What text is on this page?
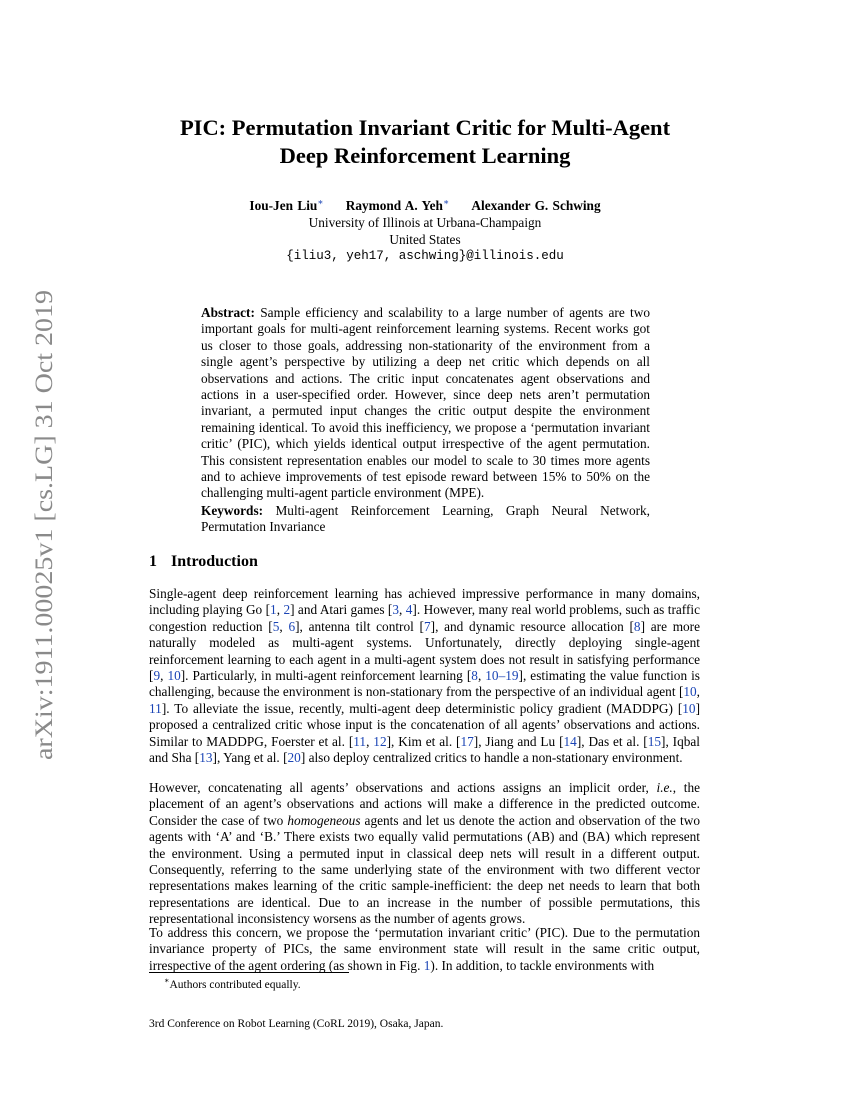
arXiv:1911.00025v1 [cs.LG] 31 Oct 2019
PIC: Permutation Invariant Critic for Multi-Agent
Deep Reinforcement Learning
Iou-Jen Liu∗ Raymond A. Yeh∗ Alexander G. Schwing
University of Illinois at Urbana-Champaign
United States
{iliu3, yeh17, aschwing}@illinois.edu
Abstract: Sample efficiency and scalability to a large number of agents are two important goals for multi-agent reinforcement learning systems. Recent works got us closer to those goals, addressing non-stationarity of the environment from a single agent’s perspective by utilizing a deep net critic which depends on all observations and actions. The critic input concatenates agent observations and actions in a user-specified order. However, since deep nets aren’t permutation invariant, a permuted input changes the critic output despite the environment remaining identical. To avoid this inefficiency, we propose a ‘permutation invariant critic’ (PIC), which yields identical output irrespective of the agent permutation. This consistent representation enables our model to scale to 30 times more agents and to achieve improvements of test episode reward between 15% to 50% on the challenging multi-agent particle environment (MPE).
Keywords: Multi-agent Reinforcement Learning, Graph Neural Network, Permutation Invariance
1 Introduction
Single-agent deep reinforcement learning has achieved impressive performance in many domains, including playing Go [1, 2] and Atari games [3, 4]. However, many real world problems, such as traffic congestion reduction [5, 6], antenna tilt control [7], and dynamic resource allocation [8] are more naturally modeled as multi-agent systems. Unfortunately, directly deploying single-agent reinforcement learning to each agent in a multi-agent system does not result in satisfying performance [9, 10]. Particularly, in multi-agent reinforcement learning [8, 10–19], estimating the value function is challenging, because the environment is non-stationary from the perspective of an individual agent [10, 11]. To alleviate the issue, recently, multi-agent deep deterministic policy gradient (MADDPG) [10] proposed a centralized critic whose input is the concatenation of all agents’ observations and actions. Similar to MADDPG, Foerster et al. [11, 12], Kim et al. [17], Jiang and Lu [14], Das et al. [15], Iqbal and Sha [13], Yang et al. [20] also deploy centralized critics to handle a non-stationary environment.
However, concatenating all agents’ observations and actions assigns an implicit order, i.e., the placement of an agent’s observations and actions will make a difference in the predicted outcome. Consider the case of two homogeneous agents and let us denote the action and observation of the two agents with ‘A’ and ‘B.’ There exists two equally valid permutations (AB) and (BA) which represent the environment. Using a permuted input in classical deep nets will result in a different output. Consequently, referring to the same underlying state of the environment with two different vector representations makes learning of the critic sample-inefficient: the deep net needs to learn that both representations are identical. Due to an increase in the number of possible permutations, this representational inconsistency worsens as the number of agents grows.
To address this concern, we propose the ‘permutation invariant critic’ (PIC). Due to the permutation invariance property of PICs, the same environment state will result in the same critic output, irrespective of the agent ordering (as shown in Fig. 1). In addition, to tackle environments with
∗Authors contributed equally.
3rd Conference on Robot Learning (CoRL 2019), Osaka, Japan.
